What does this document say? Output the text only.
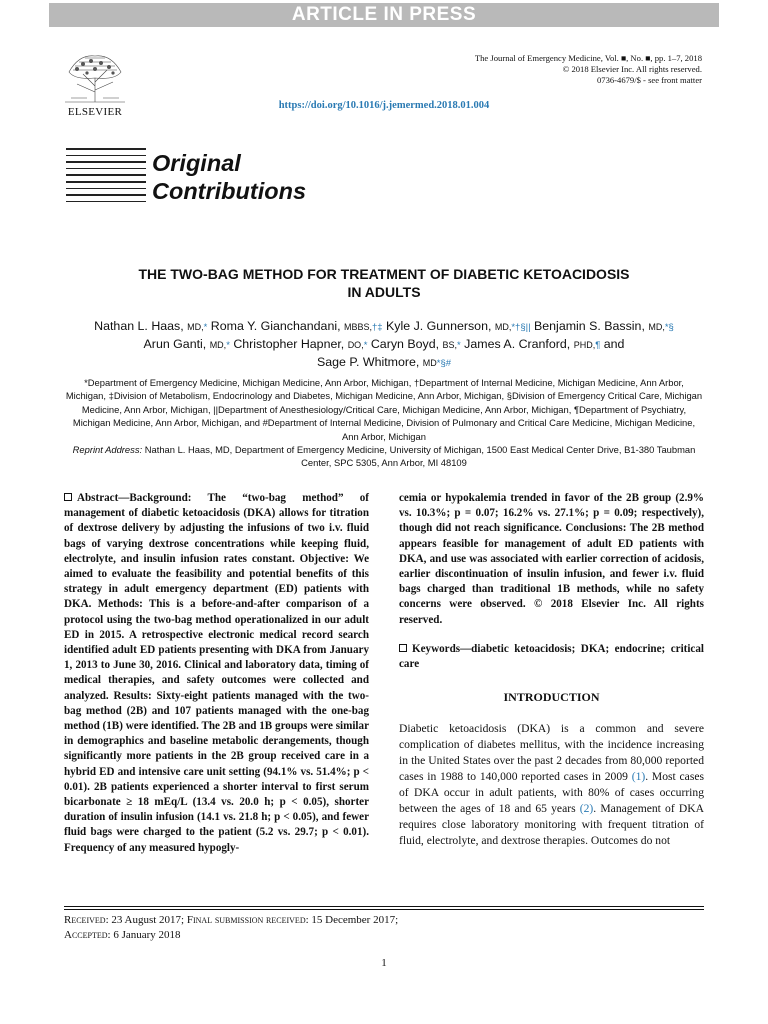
ARTICLE IN PRESS
ELSEVIER
The Journal of Emergency Medicine, Vol. ■, No. ■, pp. 1–7, 2018
© 2018 Elsevier Inc. All rights reserved.
0736-4679/$ - see front matter
https://doi.org/10.1016/j.jemermed.2018.01.004
Original
Contributions
THE TWO-BAG METHOD FOR TREATMENT OF DIABETIC KETOACIDOSIS
IN ADULTS
Nathan L. Haas, MD,* Roma Y. Gianchandani, MBBS,†‡ Kyle J. Gunnerson, MD,*†§|| Benjamin S. Bassin, MD,*§
Arun Ganti, MD,* Christopher Hapner, DO,* Caryn Boyd, BS,* James A. Cranford, PHD,¶ and
Sage P. Whitmore, MD*§#
*Department of Emergency Medicine, Michigan Medicine, Ann Arbor, Michigan, †Department of Internal Medicine, Michigan Medicine, Ann Arbor, Michigan, ‡Division of Metabolism, Endocrinology and Diabetes, Michigan Medicine, Ann Arbor, Michigan, §Division of Emergency Critical Care, Michigan Medicine, Ann Arbor, Michigan, ||Department of Anesthesiology/Critical Care, Michigan Medicine, Ann Arbor, Michigan, ¶Department of Psychiatry, Michigan Medicine, Ann Arbor, Michigan, and #Department of Internal Medicine, Division of Pulmonary and Critical Care Medicine, Michigan Medicine, Ann Arbor, Michigan
Reprint Address: Nathan L. Haas, MD, Department of Emergency Medicine, University of Michigan, 1500 East Medical Center Drive, B1-380 Taubman Center, SPC 5305, Ann Arbor, MI 48109
Abstract—Background: The “two-bag method” of management of diabetic ketoacidosis (DKA) allows for titration of dextrose delivery by adjusting the infusions of two i.v. fluid bags of varying dextrose concentrations while keeping fluid, electrolyte, and insulin infusion rates constant. Objective: We aimed to evaluate the feasibility and potential benefits of this strategy in adult emergency department (ED) patients with DKA. Methods: This is a before-and-after comparison of a protocol using the two-bag method operationalized in our adult ED in 2015. A retrospective electronic medical record search identified adult ED patients presenting with DKA from January 1, 2013 to June 30, 2016. Clinical and laboratory data, timing of medical therapies, and safety outcomes were collected and analyzed. Results: Sixty-eight patients managed with the two-bag method (2B) and 107 patients managed with the one-bag method (1B) were identified. The 2B and 1B groups were similar in demographics and baseline metabolic derangements, though significantly more patients in the 2B group received care in a hybrid ED and intensive care unit setting (94.1% vs. 51.4%; p < 0.01). 2B patients experienced a shorter interval to first serum bicarbonate ≥ 18 mEq/L (13.4 vs. 20.0 h; p < 0.05), shorter duration of insulin infusion (14.1 vs. 21.8 h; p < 0.05), and fewer fluid bags were charged to the patient (5.2 vs. 29.7; p < 0.01). Frequency of any measured hypogly-
cemia or hypokalemia trended in favor of the 2B group (2.9% vs. 10.3%; p = 0.07; 16.2% vs. 27.1%; p = 0.09; respectively), though did not reach significance. Conclusions: The 2B method appears feasible for management of adult ED patients with DKA, and use was associated with earlier correction of acidosis, earlier discontinuation of insulin infusion, and fewer i.v. fluid bags charged than traditional 1B methods, while no safety concerns were observed. © 2018 Elsevier Inc. All rights reserved.
Keywords—diabetic ketoacidosis; DKA; endocrine; critical care
INTRODUCTION
Diabetic ketoacidosis (DKA) is a common and severe complication of diabetes mellitus, with the incidence increasing in the United States over the past 2 decades from 80,000 reported cases in 1988 to 140,000 reported cases in 2009 (1). Most cases of DKA occur in adult patients, with 80% of cases occurring between the ages of 18 and 65 years (2). Management of DKA requires close laboratory monitoring with frequent titration of fluid, electrolyte, and dextrose therapies. Outcomes do not
Received: 23 August 2017; Final submission received: 15 December 2017;
Accepted: 6 January 2018
1
